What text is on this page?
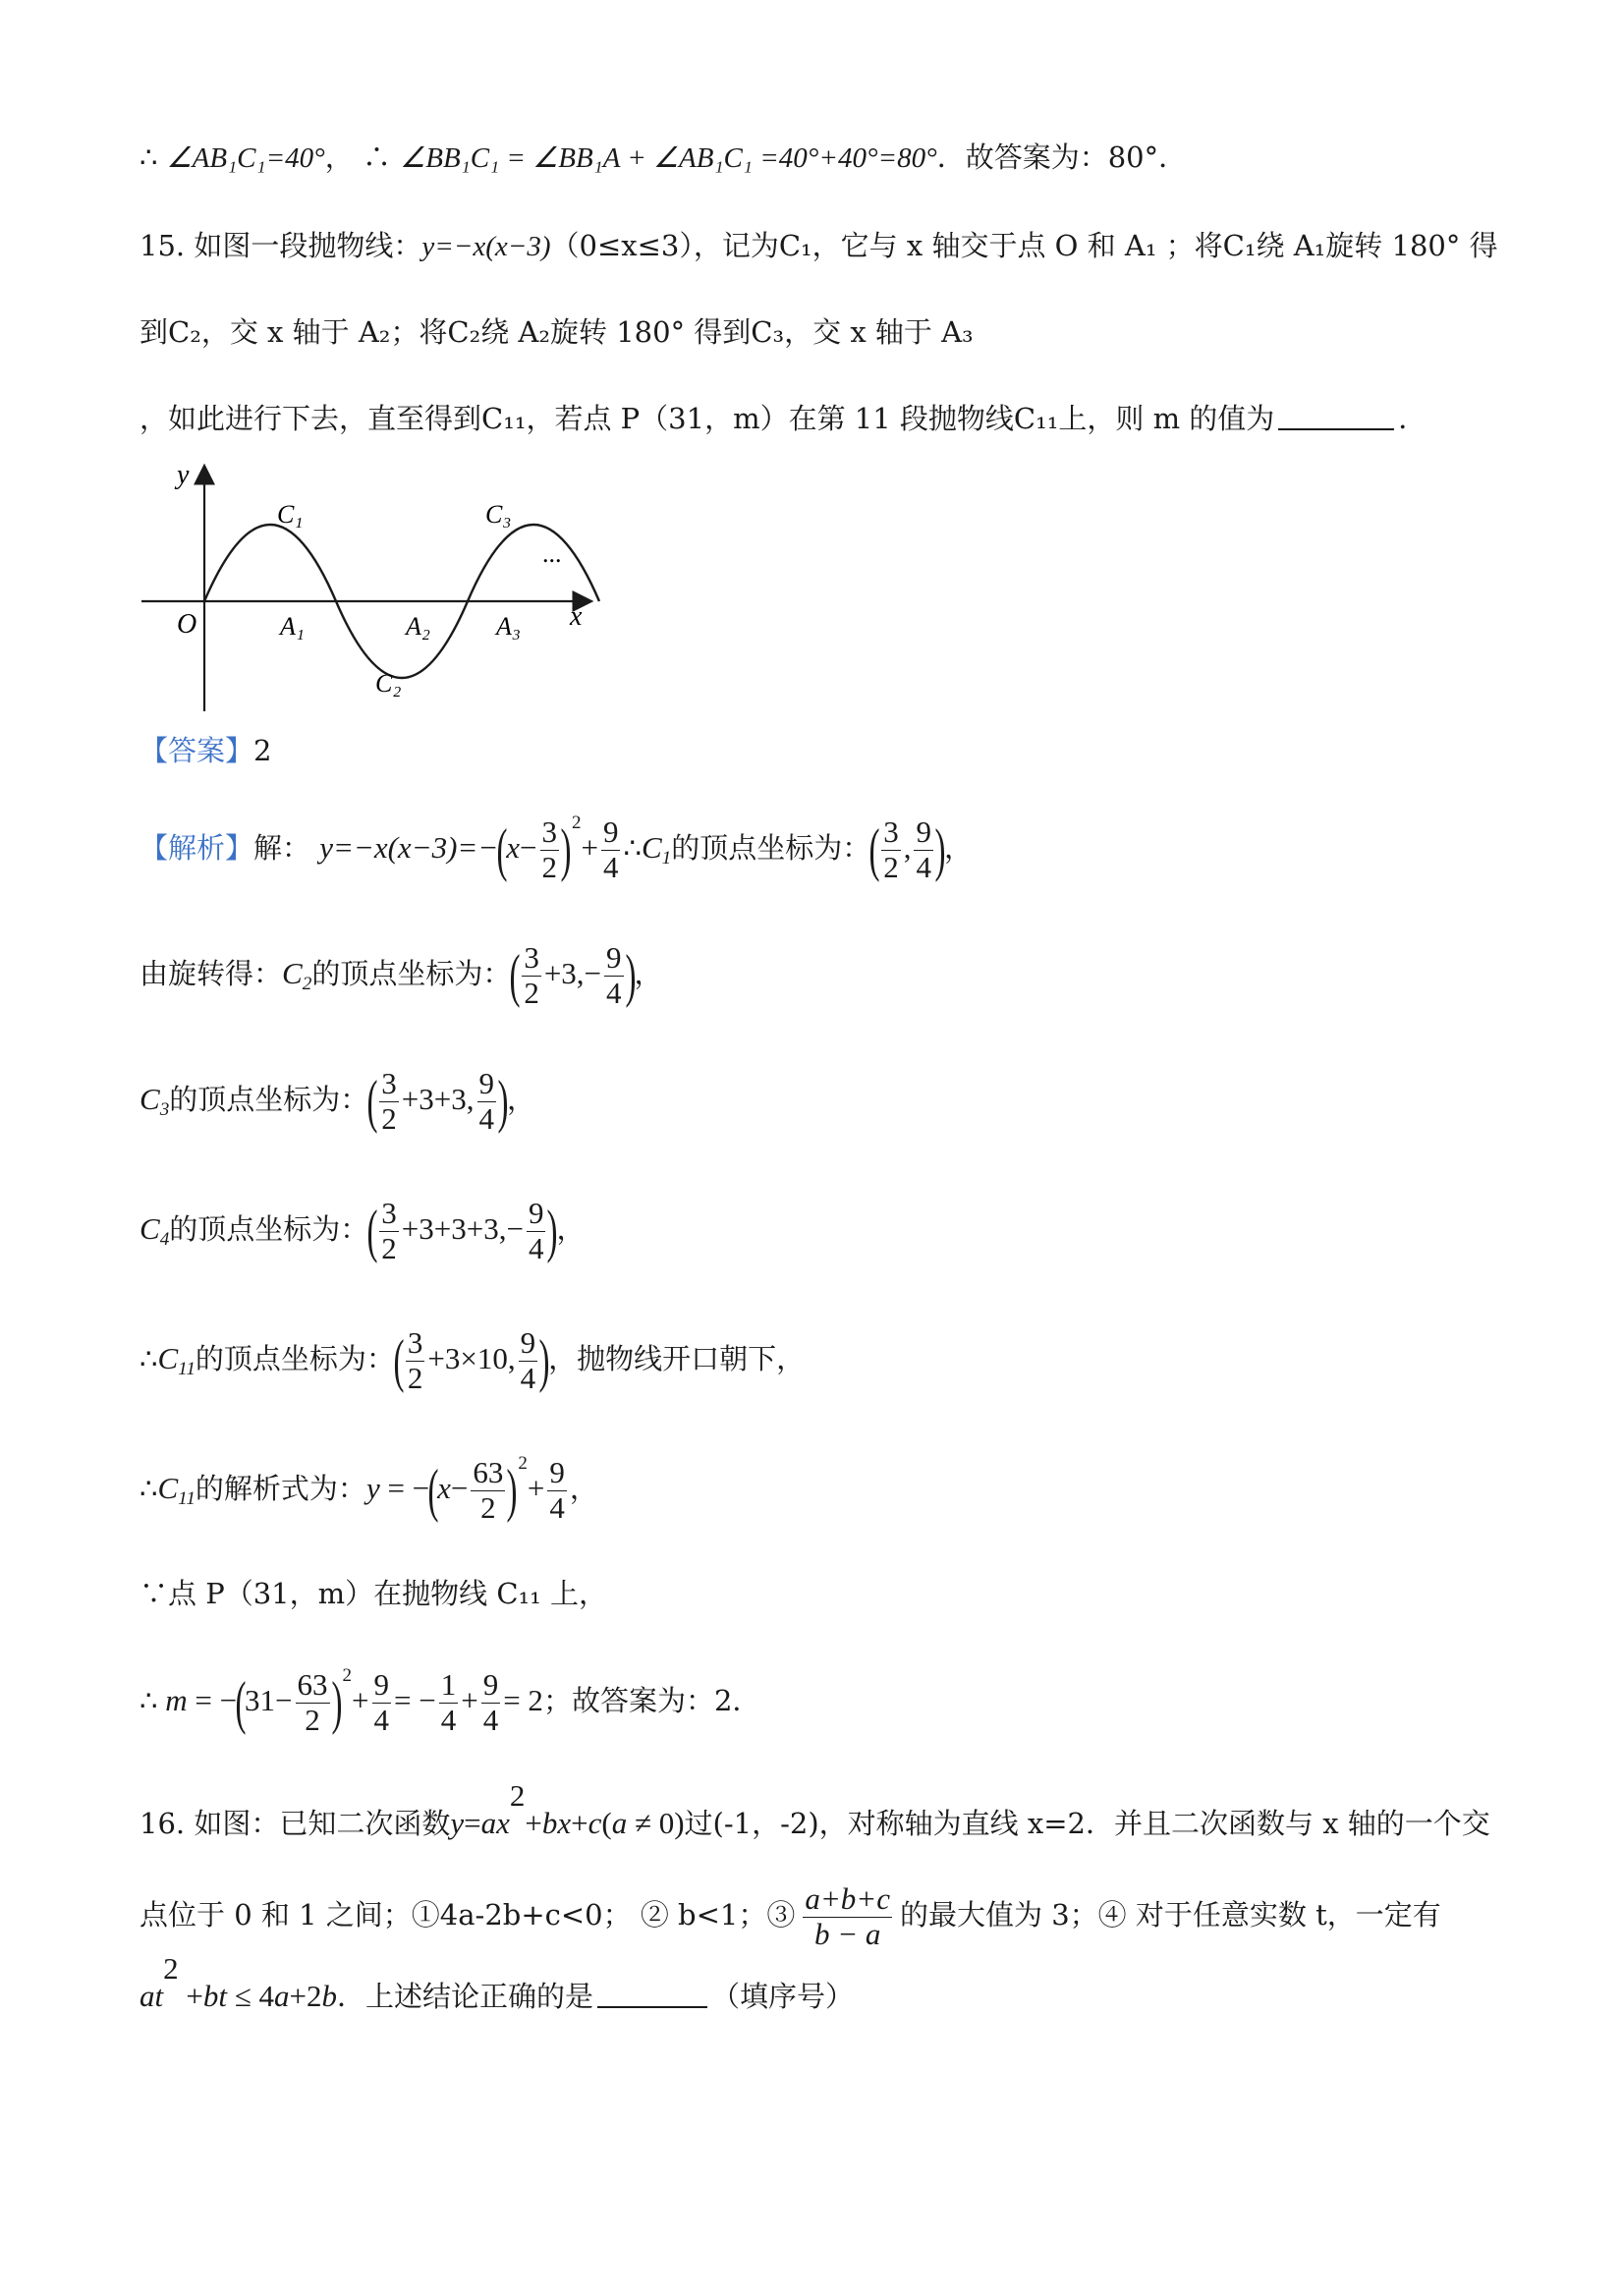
∴ ∠AB₁C₁=40°， ∴ ∠BB₁C₁ = ∠BB₁A + ∠AB₁C₁ =40°+40°=80°．故答案为：80°．
15. 如图一段抛物线：y=−x(x−3)（0≤x≤3），记为C₁，它与 x 轴交于点 O 和 A₁ ；将C₁绕 A₁旋转 180° 得
到C₂，交 x 轴于 A₂；将C₂绕 A₂旋转 180° 得到C₃，交 x 轴于 A₃
，如此进行下去，直至得到C₁₁，若点 P（31，m）在第 11 段抛物线C₁₁上，则 m 的值为	．
y
x
O	A₁	A₂	A₃
C₁
C₂
C₃
...
【答案】2
【解析】解： $y=-x(x-3)=-(x- \frac{3}{2} )^2+ \frac{9}{4}$ $\therefore C_1$的顶点坐标为：( $\frac{3}{2}$ , $\frac{9}{4}$ )，
由旋转得：$C_2$的顶点坐标为：( $\frac{3}{2} +3,- \frac{9}{4}$ )，
$C_3$的顶点坐标为：( $\frac{3}{2} +3+3$, $\frac{9}{4}$ )，
$C_4$的顶点坐标为：( $\frac{3}{2} +3+3+3,- \frac{9}{4}$ )，
$\therefore C_{11}$的顶点坐标为：( $\frac{3}{2} +3\times 10$, $\frac{9}{4}$ )，抛物线开口朝下，
$\therefore C_{11}$的解析式为：$y = -(x- \frac{63}{2} )^2+ \frac{9}{4}$ ，
∵点 P（31，m）在抛物线 C₁₁ 上，
∴ $m = -(31- \frac{63}{2} )^2+ \frac{9}{4}$ = − $\frac{1}{4} + \frac{9}{4} = 2$；故答案为：2．
16. 如图：已知二次函数$y=ax^2+bx+c(a \ne 0)$过(-1，-2)，对称轴为直线 x=2．并且二次函数与 x 轴的一个交
点位于 0 和 1 之间；①4a-2b+c<0； ② b<1；③ $\frac{a+b+c}{b - a}$ 的最大值为 3；④ 对于任意实数 t，一定有
$at^2 +bt \le 4a+2b$．上述结论正确的是	（填序号）
